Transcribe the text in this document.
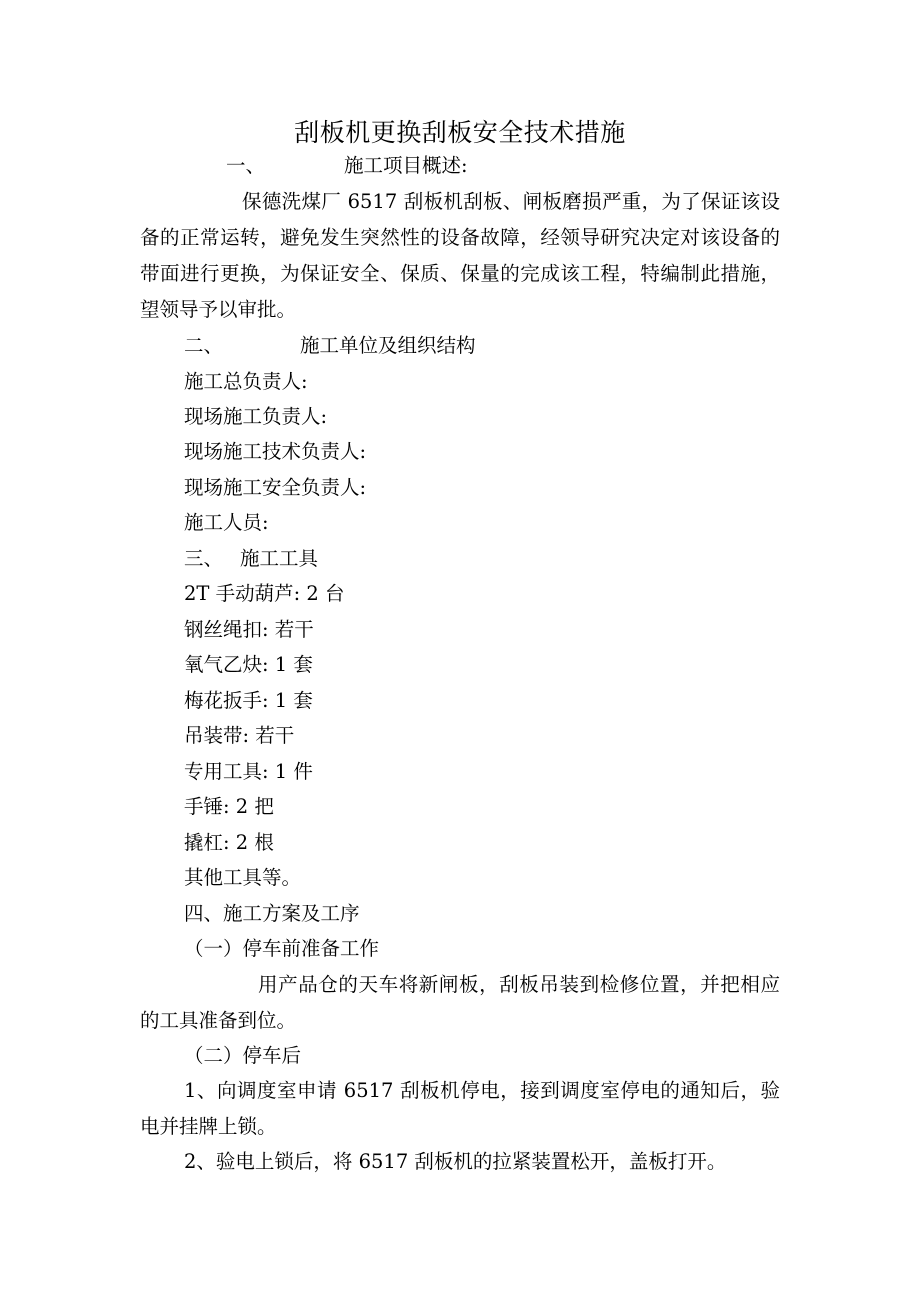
刮板机更换刮板安全技术措施
一、	施工项目概述:
保德洗煤厂 6517 刮板机刮板、闸板磨损严重，为了保证该设备的正常运转，避免发生突然性的设备故障，经领导研究决定对该设备的带面进行更换，为保证安全、保质、保量的完成该工程，特编制此措施，望领导予以审批。
二、	施工单位及组织结构
施工总负责人:
现场施工负责人:
现场施工技术负责人:
现场施工安全负责人:
施工人员:
三、 施工工具
2T 手动葫芦: 2 台
钢丝绳扣: 若干
氧气乙炔: 1 套
梅花扳手: 1 套
吊装带: 若干
专用工具: 1 件
手锤: 2 把
撬杠: 2 根
其他工具等。
四、施工方案及工序
（一）停车前准备工作
用产品仓的天车将新闸板，刮板吊装到检修位置，并把相应的工具准备到位。
（二）停车后
1、向调度室申请 6517 刮板机停电，接到调度室停电的通知后，验电并挂牌上锁。
2、验电上锁后，将 6517 刮板机的拉紧装置松开，盖板打开。
